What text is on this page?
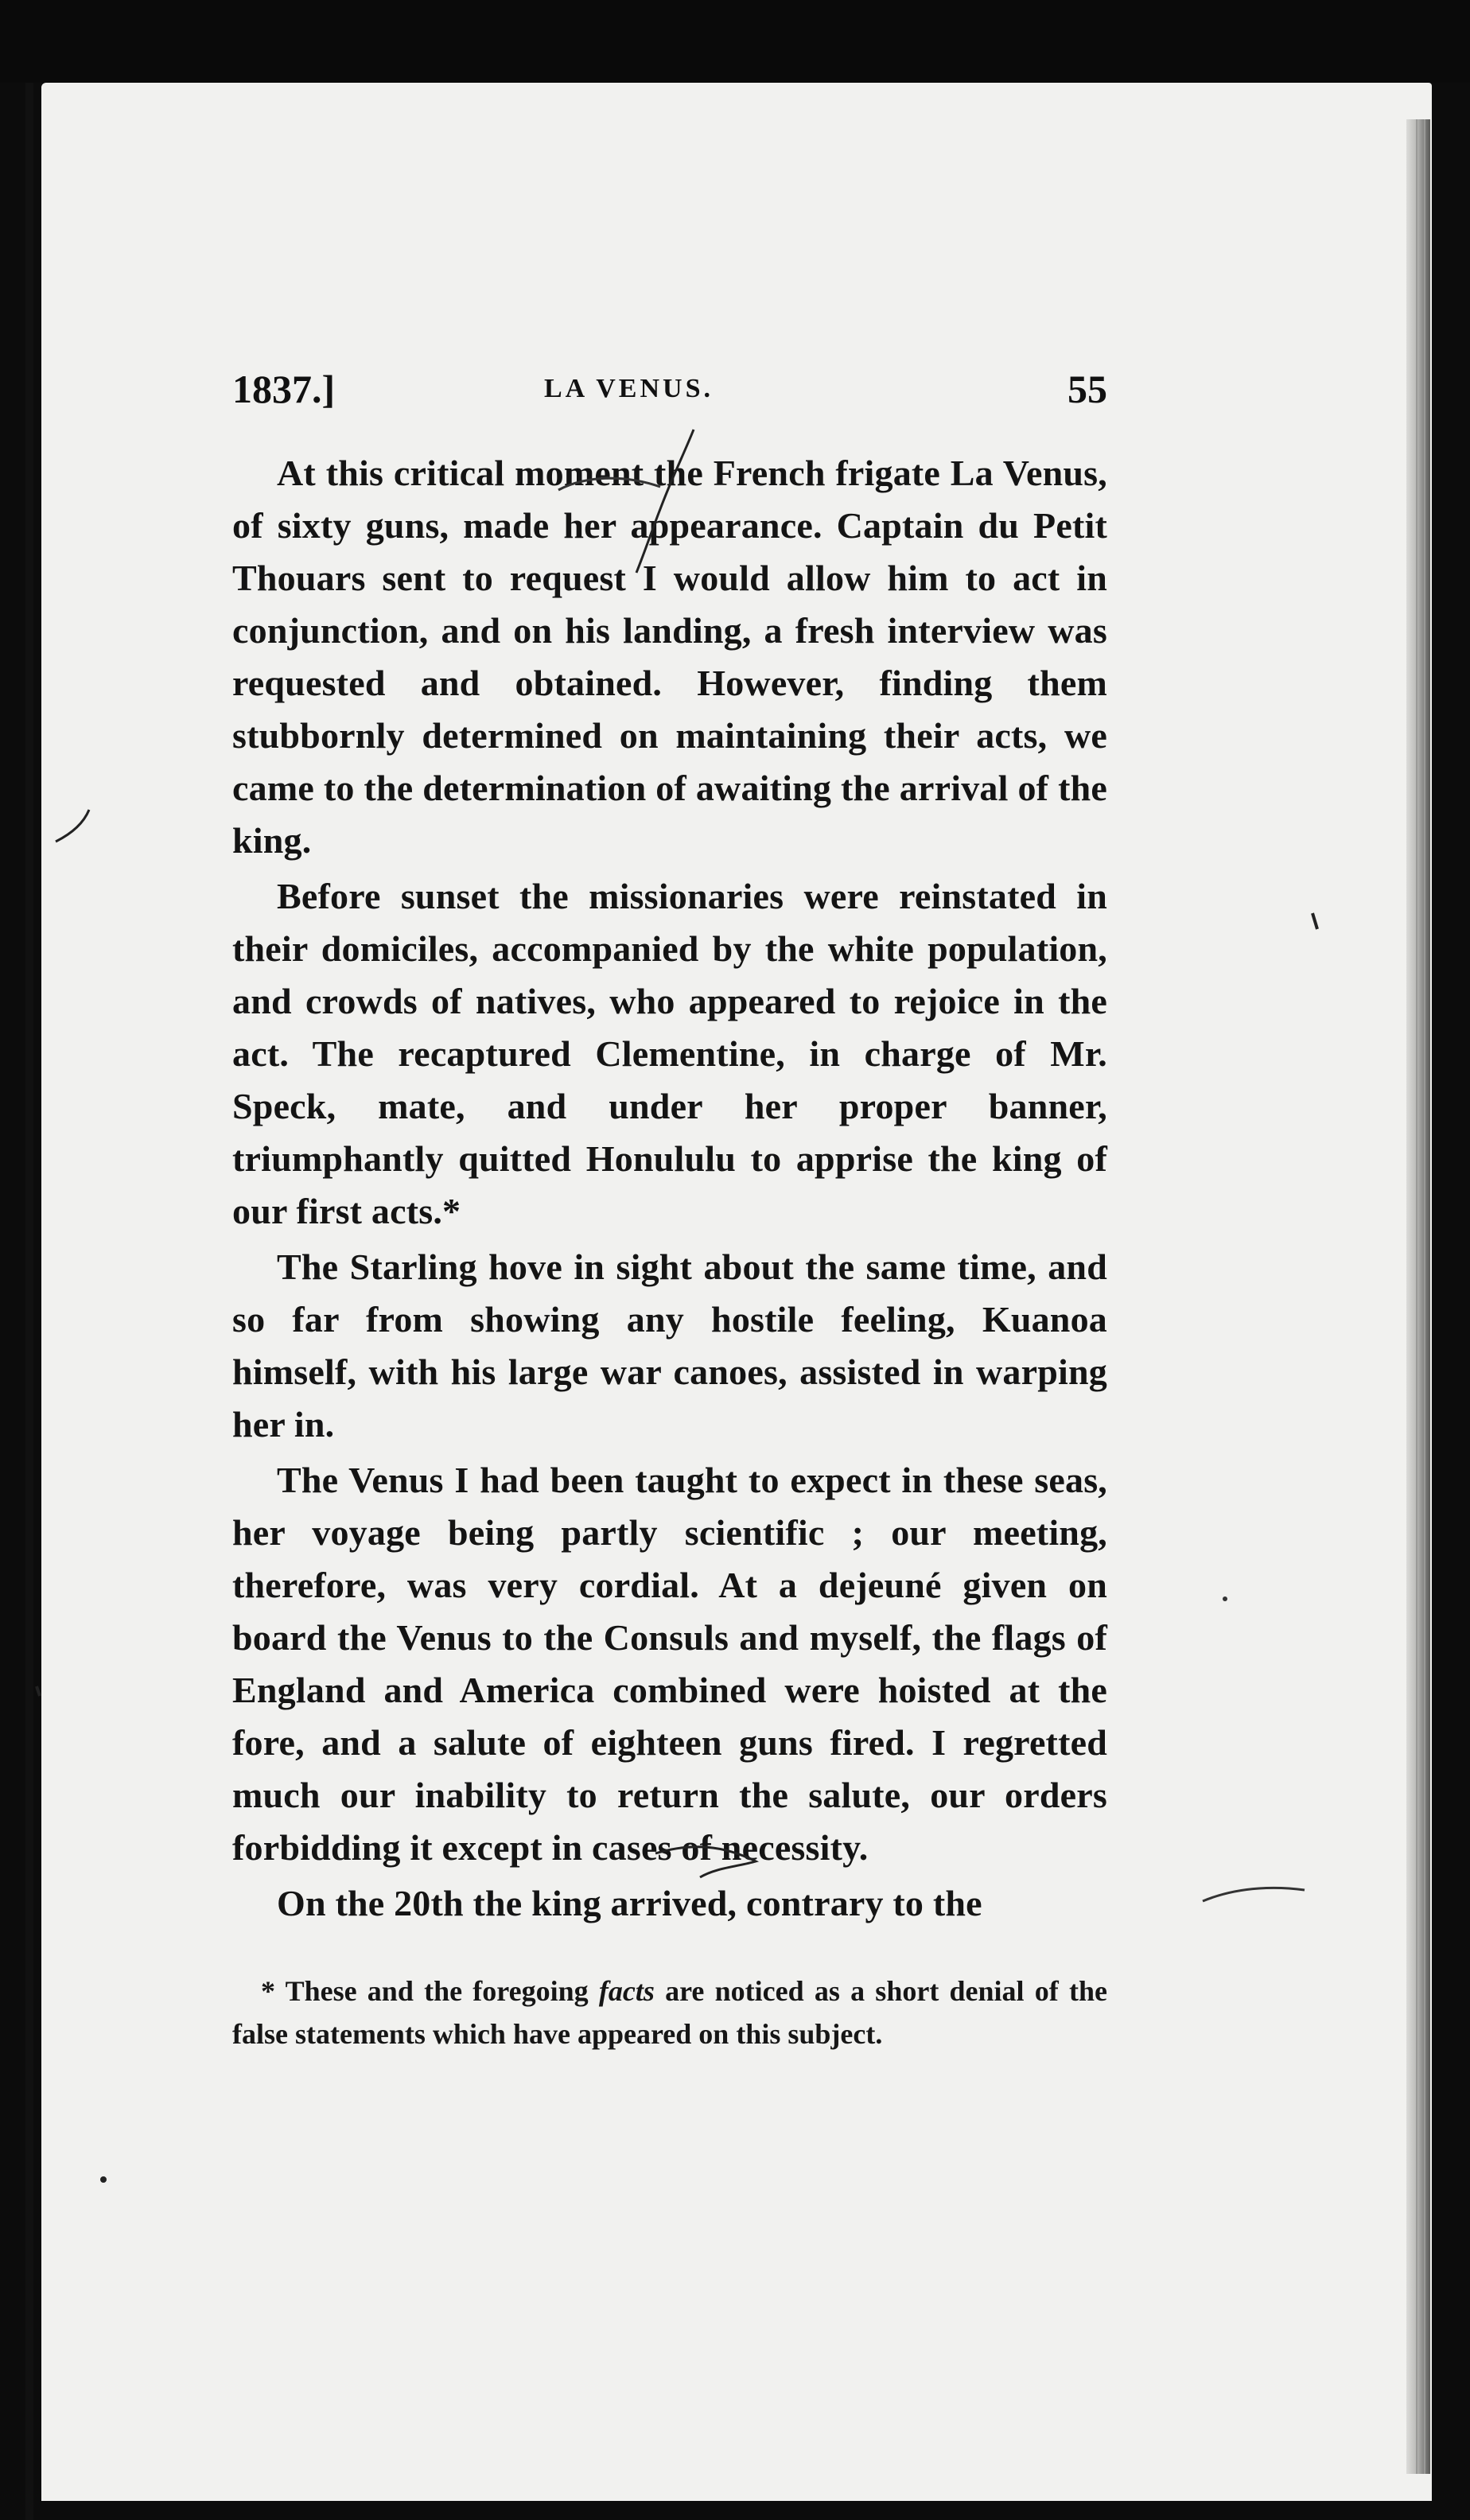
1837.]	LA VENUS.	55

At this critical moment the French frigate La Venus, of sixty guns, made her appearance. Captain du Petit Thouars sent to request I would allow him to act in conjunction, and on his landing, a fresh interview was requested and obtained. However, finding them stubbornly determined on maintaining their acts, we came to the determination of awaiting the arrival of the king.

Before sunset the missionaries were reinstated in their domiciles, accompanied by the white population, and crowds of natives, who appeared to rejoice in the act. The recaptured Clementine, in charge of Mr. Speck, mate, and under her proper banner, triumphantly quitted Honululu to apprise the king of our first acts.*

The Starling hove in sight about the same time, and so far from showing any hostile feeling, Kuanoa himself, with his large war canoes, assisted in warping her in.

The Venus I had been taught to expect in these seas, her voyage being partly scientific ; our meeting, therefore, was very cordial. At a dejeuné given on board the Venus to the Consuls and myself, the flags of England and America combined were hoisted at the fore, and a salute of eighteen guns fired. I regretted much our inability to return the salute, our orders forbidding it except in cases of necessity.

On the 20th the king arrived, contrary to the

* These and the foregoing facts are noticed as a short denial of the false statements which have appeared on this subject.
